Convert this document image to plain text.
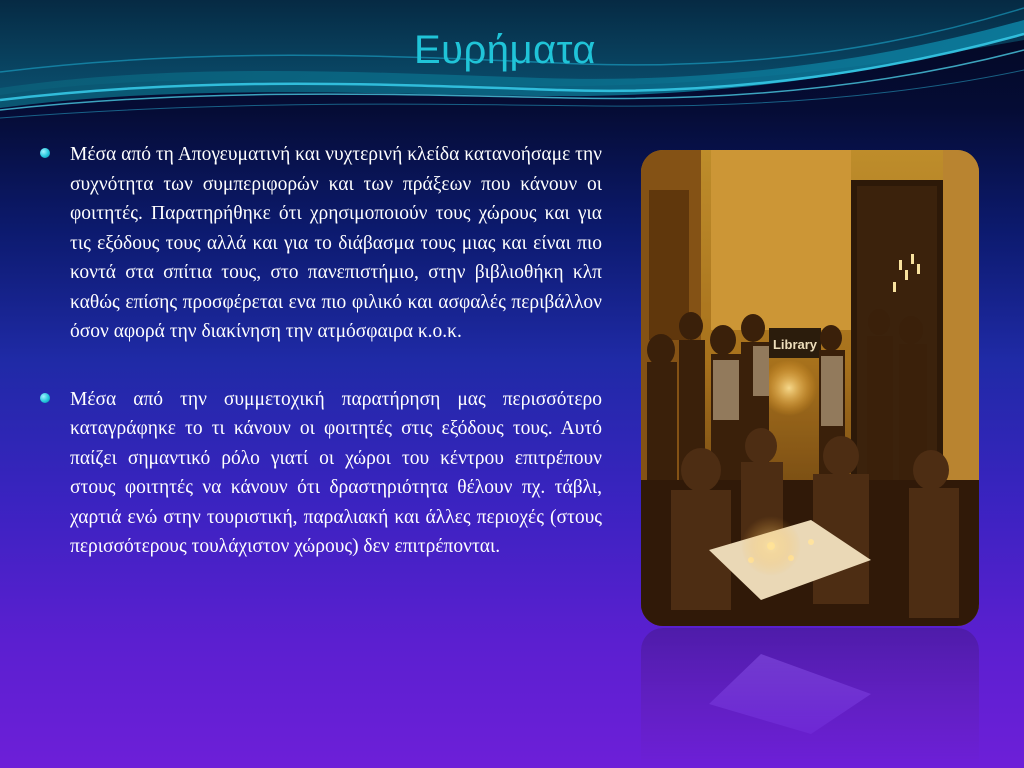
Ευρήματα
Μέσα από τη Απογευματινή και νυχτερινή κλείδα κατανοήσαμε την συχνότητα των συμπεριφορών και των πράξεων που κάνουν οι φοιτητές. Παρατηρήθηκε ότι χρησιμοποιούν τους χώρους και για τις εξόδους τους αλλά και για το διάβασμα τους μιας και είναι πιο κοντά στα σπίτια τους, στο πανεπιστήμιο, στην βιβλιοθήκη κλπ καθώς επίσης προσφέρεται ενα πιο φιλικό και ασφαλές περιβάλλον όσον αφορά την διακίνηση την ατμόσφαιρα κ.ο.κ.
Μέσα από την συμμετοχική παρατήρηση μας περισσότερο καταγράφηκε το τι κάνουν οι φοιτητές στις εξόδους τους. Αυτό παίζει σημαντικό ρόλο γιατί οι χώροι του κέντρου επιτρέπουν στους φοιτητές να κάνουν ότι δραστηριότητα θέλουν πχ. τάβλι, χαρτιά ενώ στην τουριστική, παραλιακή και άλλες περιοχές (στους περισσότερους τουλάχιστον χώρους) δεν επιτρέπονται.
Library
